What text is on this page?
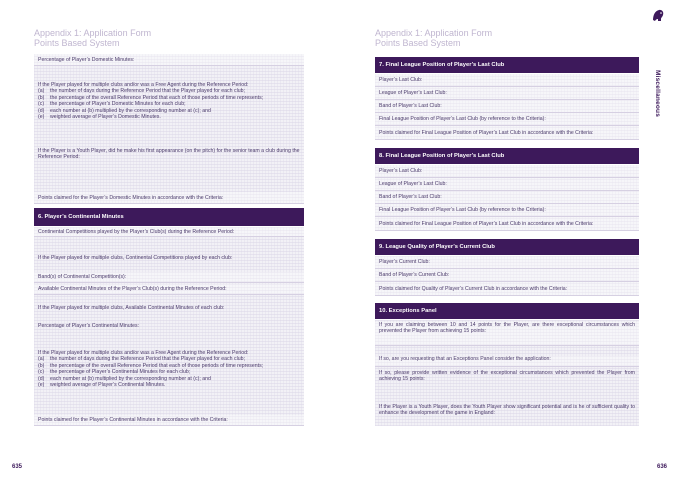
Appendix 1: Application Form
Points Based System
Percentage of Player’s Domestic Minutes:
If the Player played for multiple clubs and/or was a Free Agent during the Reference Period:
(a)	the number of days during the Reference Period that the Player played for each club;
(b)	the percentage of the overall Reference Period that each of those periods of time represents;
(c)	the percentage of Player’s Domestic Minutes for each club;
(d)	each number at (b) multiplied by the corresponding number at (c); and
(e)	weighted average of Player’s Domestic Minutes.
If the Player is a Youth Player, did he make his first appearance (on the pitch) for the senior team a club during the Reference Period:
Points claimed for the Player’s Domestic Minutes in accordance with the Criteria:
6. Player’s Continental Minutes
Continental Competitions played by the Player’s Club(s) during the Reference Period:
If the Player played for multiple clubs, Continental Competitions played by each club:
Band(s) of Continental Competition(s):
Available Continental Minutes of the Player’s Club(s) during the Reference Period:
If the Player played for multiple clubs, Available Continental Minutes of each club:
Percentage of Player’s Continental Minutes:
If the Player played for multiple clubs and/or was a Free Agent during the Reference Period:
(a)	the number of days during the Reference Period that the Player played for each club;
(b)	the percentage of the overall Reference Period that each of those periods of time represents;
(c)	the percentage of Player’s Continental Minutes for each club;
(d)	each number at (b) multiplied by the corresponding number at (c); and
(e)	weighted average of Player’s Continental Minutes.
Points claimed for the Player’s Continental Minutes in accordance with the Criteria:
635
Appendix 1: Application Form
Points Based System
Miscellaneous
7. Final League Position of Player’s Last Club
Player’s Last Club:
League of Player’s Last Club:
Band of Player’s Last Club:
Final League Position of Player’s Last Club (by reference to the Criteria):
Points claimed for Final League Position of Player’s Last Club in accordance with the Criteria:
8. Final League Position of Player’s Last Club
Player’s Last Club:
League of Player’s Last Club:
Band of Player’s Last Club:
Final League Position of Player’s Last Club (by reference to the Criteria):
Points claimed for Final League Position of Player’s Last Club in accordance with the Criteria:
9. League Quality of Player’s Current Club
Player’s Current Club:
Band of Player’s Current Club:
Points claimed for Quality of Player’s Current Club in accordance with the Criteria:
10. Exceptions Panel
If you are claiming between 10 and 14 points for the Player, are there exceptional circumstances which prevented the Player from achieving 15 points:
If so, are you requesting that an Exceptions Panel consider the application:
If so, please provide written evidence of the exceptional circumstances which prevented the Player from achieving 15 points:
If the Player is a Youth Player, does the Youth Player show significant potential and is he of sufficient quality to enhance the development of the game in England:
636
